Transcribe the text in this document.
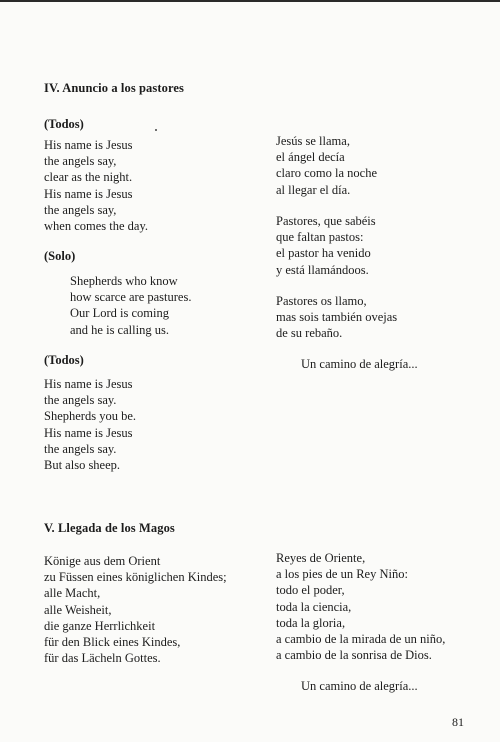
IV. Anuncio a los pastores
(Todos)
His name is Jesus
the angels say,
clear as the night.
His name is Jesus
the angels say,
when comes the day.
(Solo)
Shepherds who know
how scarce are pastures.
Our Lord is coming
and he is calling us.
(Todos)
His name is Jesus
the angels say.
Shepherds you be.
His name is Jesus
the angels say.
But also sheep.
Jesús se llama,
el ángel decía
claro como la noche
al llegar el día.
Pastores, que sabéis
que faltan pastos:
el pastor ha venido
y está llamándoos.
Pastores os llamo,
mas sois también ovejas
de su rebaño.
Un camino de alegría...
V. Llegada de los Magos
Könige aus dem Orient
zu Füssen eines königlichen Kindes;
alle Macht,
alle Weisheit,
die ganze Herrlichkeit
für den Blick eines Kindes,
für das Lächeln Gottes.
Reyes de Oriente,
a los pies de un Rey Niño:
todo el poder,
toda la ciencia,
toda la gloria,
a cambio de la mirada de un niño,
a cambio de la sonrisa de Dios.
Un camino de alegría...
81
